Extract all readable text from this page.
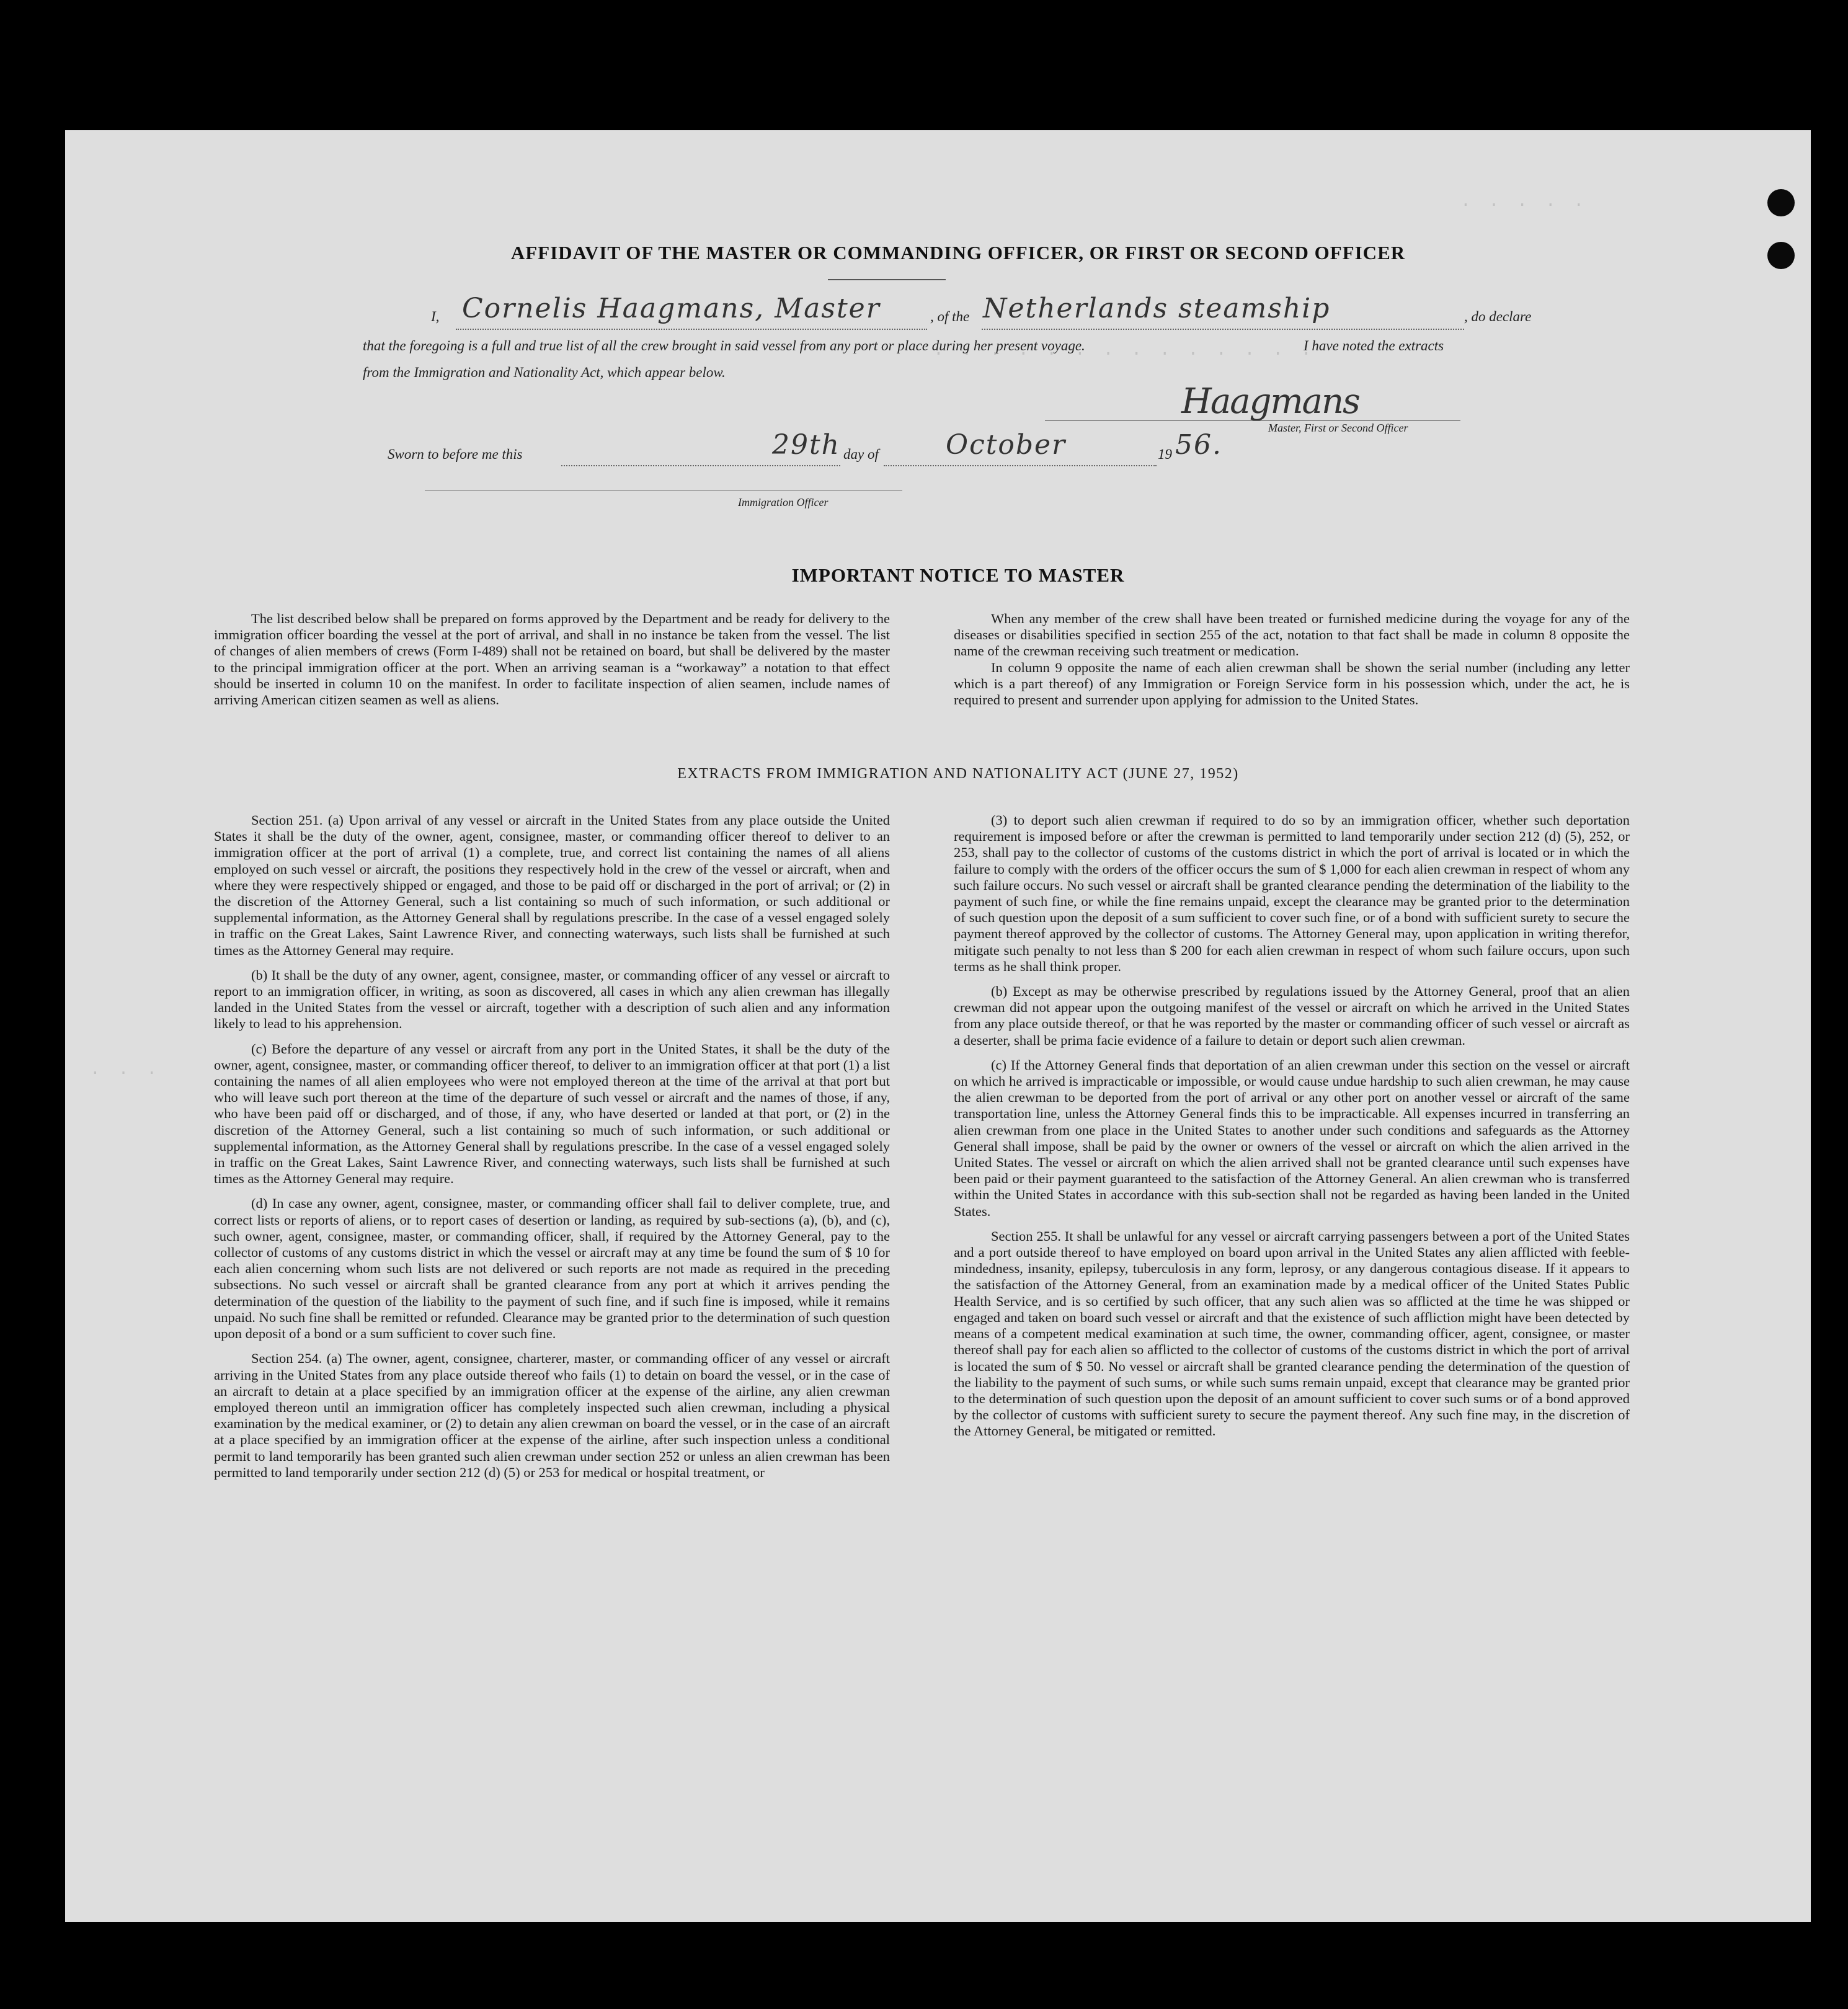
. . . . .
. . . . . . . . . . . . . .
. . .
AFFIDAVIT OF THE MASTER OR COMMANDING OFFICER, OR FIRST OR SECOND OFFICER
I, Cornelis Haagmans, Master	, of the Netherlands steamship	, do declare
that the foregoing is a full and true list of all the crew brought in said vessel from any port or place during her present voyage.	I have noted the extracts
from the Immigration and Nationality Act, which appear below.
Haagmans
Master, First or Second Officer
Sworn to before me this	29th day of October	19 56.
Immigration Officer
IMPORTANT NOTICE TO MASTER

The list described below shall be prepared on forms approved by the Department and be ready for delivery to the immigration officer boarding the vessel at the port of arrival, and shall in no instance be taken from the vessel. The list of changes of alien members of crews (Form I-489) shall not be retained on board, but shall be delivered by the master to the principal immigration officer at the port. When an arriving seaman is a “workaway” a notation to that effect should be inserted in column 10 on the manifest. In order to facilitate inspection of alien seamen, include names of arriving American citizen seamen as well as aliens.

When any member of the crew shall have been treated or furnished medicine during the voyage for any of the diseases or disabilities specified in section 255 of the act, notation to that fact shall be made in column 8 opposite the name of the crewman receiving such treatment or medication.

In column 9 opposite the name of each alien crewman shall be shown the serial number (including any letter which is a part thereof) of any Immigration or Foreign Service form in his possession which, under the act, he is required to present and surrender upon applying for admission to the United States.

EXTRACTS FROM IMMIGRATION AND NATIONALITY ACT (JUNE 27, 1952)

Section 251. (a) Upon arrival of any vessel or aircraft in the United States from any place outside the United States it shall be the duty of the owner, agent, consignee, master, or commanding officer thereof to deliver to an immigration officer at the port of arrival (1) a complete, true, and correct list containing the names of all aliens employed on such vessel or aircraft, the positions they respectively hold in the crew of the vessel or aircraft, when and where they were respectively shipped or engaged, and those to be paid off or discharged in the port of arrival; or (2) in the discretion of the Attorney General, such a list containing so much of such information, or such additional or supplemental information, as the Attorney General shall by regulations prescribe. In the case of a vessel engaged solely in traffic on the Great Lakes, Saint Lawrence River, and connecting waterways, such lists shall be furnished at such times as the Attorney General may require.

(b) It shall be the duty of any owner, agent, consignee, master, or commanding officer of any vessel or aircraft to report to an immigration officer, in writing, as soon as discovered, all cases in which any alien crewman has illegally landed in the United States from the vessel or aircraft, together with a description of such alien and any information likely to lead to his apprehension.

(c) Before the departure of any vessel or aircraft from any port in the United States, it shall be the duty of the owner, agent, consignee, master, or commanding officer thereof, to deliver to an immigration officer at that port (1) a list containing the names of all alien employees who were not employed thereon at the time of the arrival at that port but who will leave such port thereon at the time of the departure of such vessel or aircraft and the names of those, if any, who have been paid off or discharged, and of those, if any, who have deserted or landed at that port, or (2) in the discretion of the Attorney General, such a list containing so much of such information, or such additional or supplemental information, as the Attorney General shall by regulations prescribe. In the case of a vessel engaged solely in traffic on the Great Lakes, Saint Lawrence River, and connecting waterways, such lists shall be furnished at such times as the Attorney General may require.

(d) In case any owner, agent, consignee, master, or commanding officer shall fail to deliver complete, true, and correct lists or reports of aliens, or to report cases of desertion or landing, as required by sub-sections (a), (b), and (c), such owner, agent, consignee, master, or commanding officer, shall, if required by the Attorney General, pay to the collector of customs of any customs district in which the vessel or aircraft may at any time be found the sum of $ 10 for each alien concerning whom such lists are not delivered or such reports are not made as required in the preceding subsections. No such vessel or aircraft shall be granted clearance from any port at which it arrives pending the determination of the question of the liability to the payment of such fine, and if such fine is imposed, while it remains unpaid. No such fine shall be remitted or refunded. Clearance may be granted prior to the determination of such question upon deposit of a bond or a sum sufficient to cover such fine.

Section 254. (a) The owner, agent, consignee, charterer, master, or commanding officer of any vessel or aircraft arriving in the United States from any place outside thereof who fails (1) to detain on board the vessel, or in the case of an aircraft to detain at a place specified by an immigration officer at the expense of the airline, any alien crewman employed thereon until an immigration officer has completely inspected such alien crewman, including a physical examination by the medical examiner, or (2) to detain any alien crewman on board the vessel, or in the case of an aircraft at a place specified by an immigration officer at the expense of the airline, after such inspection unless a conditional permit to land temporarily has been granted such alien crewman under section 252 or unless an alien crewman has been permitted to land temporarily under section 212 (d) (5) or 253 for medical or hospital treatment, or

(3) to deport such alien crewman if required to do so by an immigration officer, whether such deportation requirement is imposed before or after the crewman is permitted to land temporarily under section 212 (d) (5), 252, or 253, shall pay to the collector of customs of the customs district in which the port of arrival is located or in which the failure to comply with the orders of the officer occurs the sum of $ 1,000 for each alien crewman in respect of whom any such failure occurs. No such vessel or aircraft shall be granted clearance pending the determination of the liability to the payment of such fine, or while the fine remains unpaid, except the clearance may be granted prior to the determination of such question upon the deposit of a sum sufficient to cover such fine, or of a bond with sufficient surety to secure the payment thereof approved by the collector of customs. The Attorney General may, upon application in writing therefor, mitigate such penalty to not less than $ 200 for each alien crewman in respect of whom such failure occurs, upon such terms as he shall think proper.

(b) Except as may be otherwise prescribed by regulations issued by the Attorney General, proof that an alien crewman did not appear upon the outgoing manifest of the vessel or aircraft on which he arrived in the United States from any place outside thereof, or that he was reported by the master or commanding officer of such vessel or aircraft as a deserter, shall be prima facie evidence of a failure to detain or deport such alien crewman.

(c) If the Attorney General finds that deportation of an alien crewman under this section on the vessel or aircraft on which he arrived is impracticable or impossible, or would cause undue hardship to such alien crewman, he may cause the alien crewman to be deported from the port of arrival or any other port on another vessel or aircraft of the same transportation line, unless the Attorney General finds this to be impracticable. All expenses incurred in transferring an alien crewman from one place in the United States to another under such conditions and safeguards as the Attorney General shall impose, shall be paid by the owner or owners of the vessel or aircraft on which the alien arrived in the United States. The vessel or aircraft on which the alien arrived shall not be granted clearance until such expenses have been paid or their payment guaranteed to the satisfaction of the Attorney General. An alien crewman who is transferred within the United States in accordance with this sub-section shall not be regarded as having been landed in the United States.

Section 255. It shall be unlawful for any vessel or aircraft carrying passengers between a port of the United States and a port outside thereof to have employed on board upon arrival in the United States any alien afflicted with feeble-mindedness, insanity, epilepsy, tuberculosis in any form, leprosy, or any dangerous contagious disease. If it appears to the satisfaction of the Attorney General, from an examination made by a medical officer of the United States Public Health Service, and is so certified by such officer, that any such alien was so afflicted at the time he was shipped or engaged and taken on board such vessel or aircraft and that the existence of such affliction might have been detected by means of a competent medical examination at such time, the owner, commanding officer, agent, consignee, or master thereof shall pay for each alien so afflicted to the collector of customs of the customs district in which the port of arrival is located the sum of $ 50. No vessel or aircraft shall be granted clearance pending the determination of the question of the liability to the payment of such sums, or while such sums remain unpaid, except that clearance may be granted prior to the determination of such question upon the deposit of an amount sufficient to cover such sums or of a bond approved by the collector of customs with sufficient surety to secure the payment thereof. Any such fine may, in the discretion of the Attorney General, be mitigated or remitted.
